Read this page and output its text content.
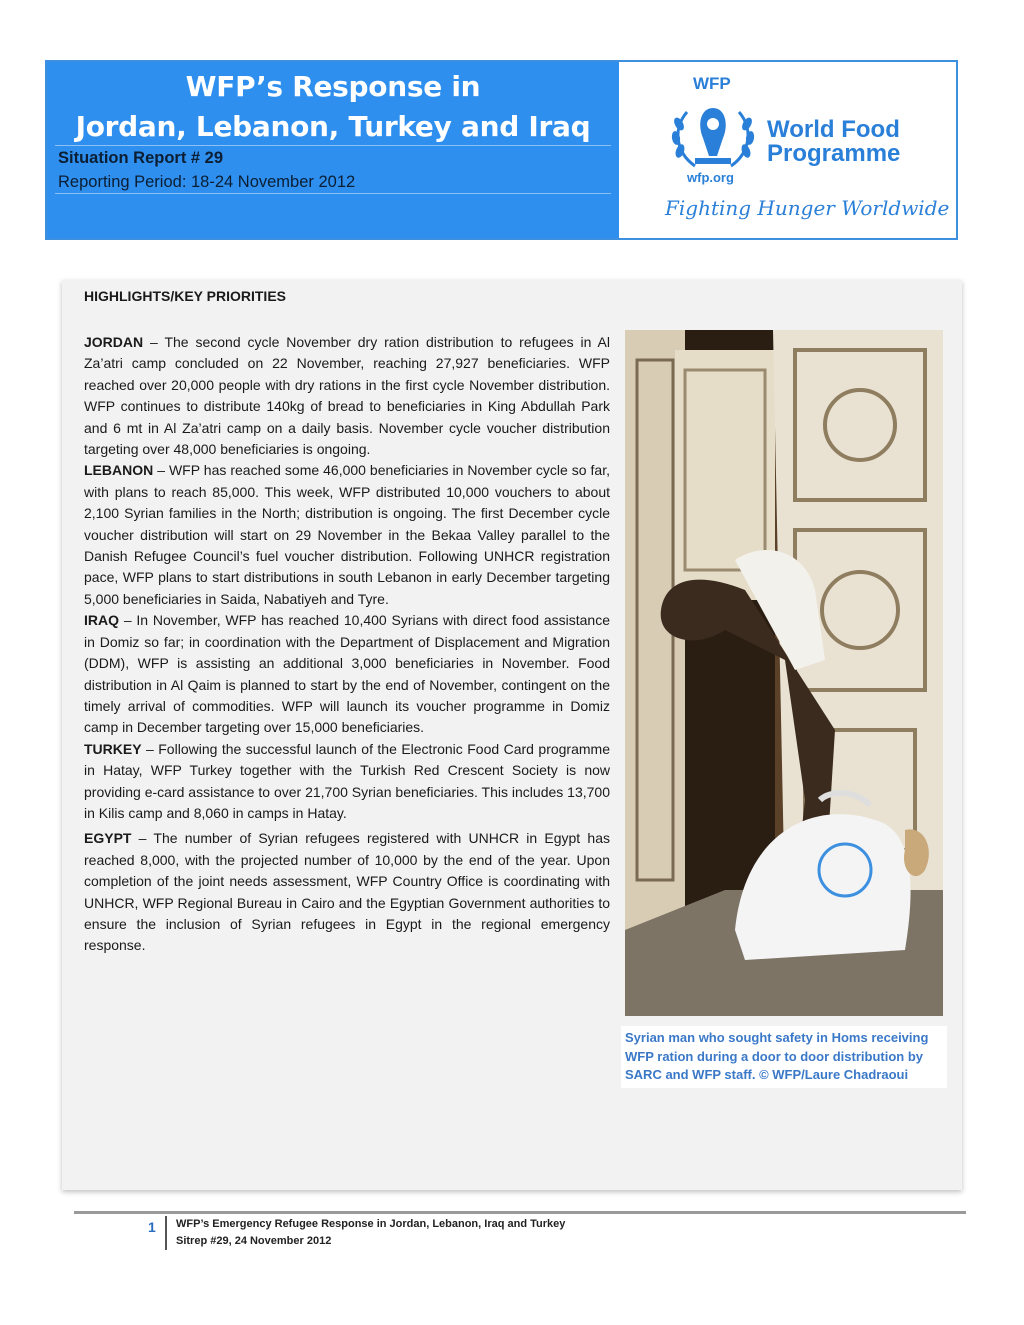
WFP’s Response in
Jordan, Lebanon, Turkey and Iraq
Situation Report # 29
Reporting Period: 18-24 November 2012
WFP
World Food
Programme
wfp.org
Fighting Hunger Worldwide
HIGHLIGHTS/KEY PRIORITIES

JORDAN – The second cycle November dry ration distribution to refugees in Al Za’atri camp concluded on 22 November, reaching 27,927 beneficiaries. WFP reached over 20,000 people with dry rations in the first cycle November distribution. WFP continues to distribute 140kg of bread to beneficiaries in King Abdullah Park and 6 mt in Al Za’atri camp on a daily basis. November cycle voucher distribution targeting over 48,000 beneficiaries is ongoing.

LEBANON – WFP has reached some 46,000 beneficiaries in November cycle so far, with plans to reach 85,000. This week, WFP distributed 10,000 vouchers to about 2,100 Syrian families in the North; distribution is ongoing. The first December cycle voucher distribution will start on 29 November in the Bekaa Valley parallel to the Danish Refugee Council’s fuel voucher distribution. Following UNHCR registration pace, WFP plans to start distributions in south Lebanon in early December targeting 5,000 beneficiaries in Saida, Nabatiyeh and Tyre.

IRAQ – In November, WFP has reached 10,400 Syrians with direct food assistance in Domiz so far; in coordination with the Department of Displacement and Migration (DDM), WFP is assisting an additional 3,000 beneficiaries in November. Food distribution in Al Qaim is planned to start by the end of November, contingent on the timely arrival of commodities. WFP will launch its voucher programme in Domiz camp in December targeting over 15,000 beneficiaries.

TURKEY – Following the successful launch of the Electronic Food Card programme in Hatay, WFP Turkey together with the Turkish Red Crescent Society is now providing e-card assistance to over 21,700 Syrian beneficiaries. This includes 13,700 in Kilis camp and 8,060 in camps in Hatay.

EGYPT – The number of Syrian refugees registered with UNHCR in Egypt has reached 8,000, with the projected number of 10,000 by the end of the year. Upon completion of the joint needs assessment, WFP Country Office is coordinating with UNHCR, WFP Regional Bureau in Cairo and the Egyptian Government authorities to ensure the inclusion of Syrian refugees in Egypt in the regional emergency response.

Syrian man who sought safety in Homs receiving WFP ration during a door to door distribution by SARC and WFP staff. © WFP/Laure Chadraoui
1 WFP’s Emergency Refugee Response in Jordan, Lebanon, Iraq and Turkey
Sitrep #29, 24 November 2012
